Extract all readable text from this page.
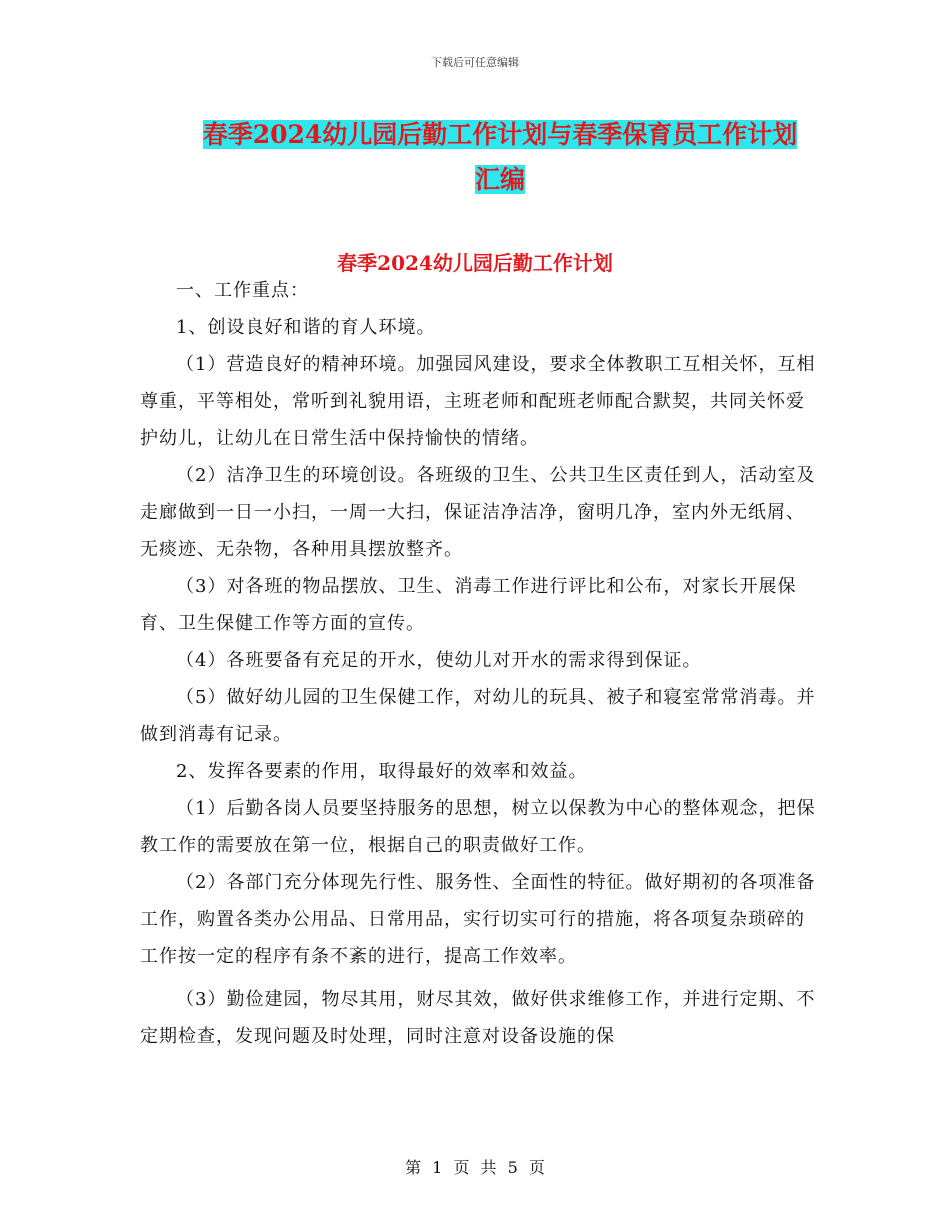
下载后可任意编辑
春季2024幼儿园后勤工作计划与春季保育员工作计划
汇编
春季2024幼儿园后勤工作计划

一、工作重点：

1、创设良好和谐的育人环境。

（1）营造良好的精神环境。加强园风建设，要求全体教职工互相关怀，互相尊重，平等相处，常听到礼貌用语，主班老师和配班老师配合默契，共同关怀爱护幼儿，让幼儿在日常生活中保持愉快的情绪。

（2）洁净卫生的环境创设。各班级的卫生、公共卫生区责任到人，活动室及走廊做到一日一小扫，一周一大扫，保证洁净洁净，窗明几净，室内外无纸屑、无痰迹、无杂物，各种用具摆放整齐。

（3）对各班的物品摆放、卫生、消毒工作进行评比和公布，对家长开展保育、卫生保健工作等方面的宣传。

（4）各班要备有充足的开水，使幼儿对开水的需求得到保证。

（5）做好幼儿园的卫生保健工作，对幼儿的玩具、被子和寝室常常消毒。并做到消毒有记录。

2、发挥各要素的作用，取得最好的效率和效益。

（1）后勤各岗人员要坚持服务的思想，树立以保教为中心的整体观念，把保教工作的需要放在第一位，根据自己的职责做好工作。

（2）各部门充分体现先行性、服务性、全面性的特征。做好期初的各项准备工作，购置各类办公用品、日常用品，实行切实可行的措施，将各项复杂琐碎的工作按一定的程序有条不紊的进行，提高工作效率。

（3）勤俭建园，物尽其用，财尽其效，做好供求维修工作，并进行定期、不定期检查，发现问题及时处理，同时注意对设备设施的保

第 1 页 共 5 页
